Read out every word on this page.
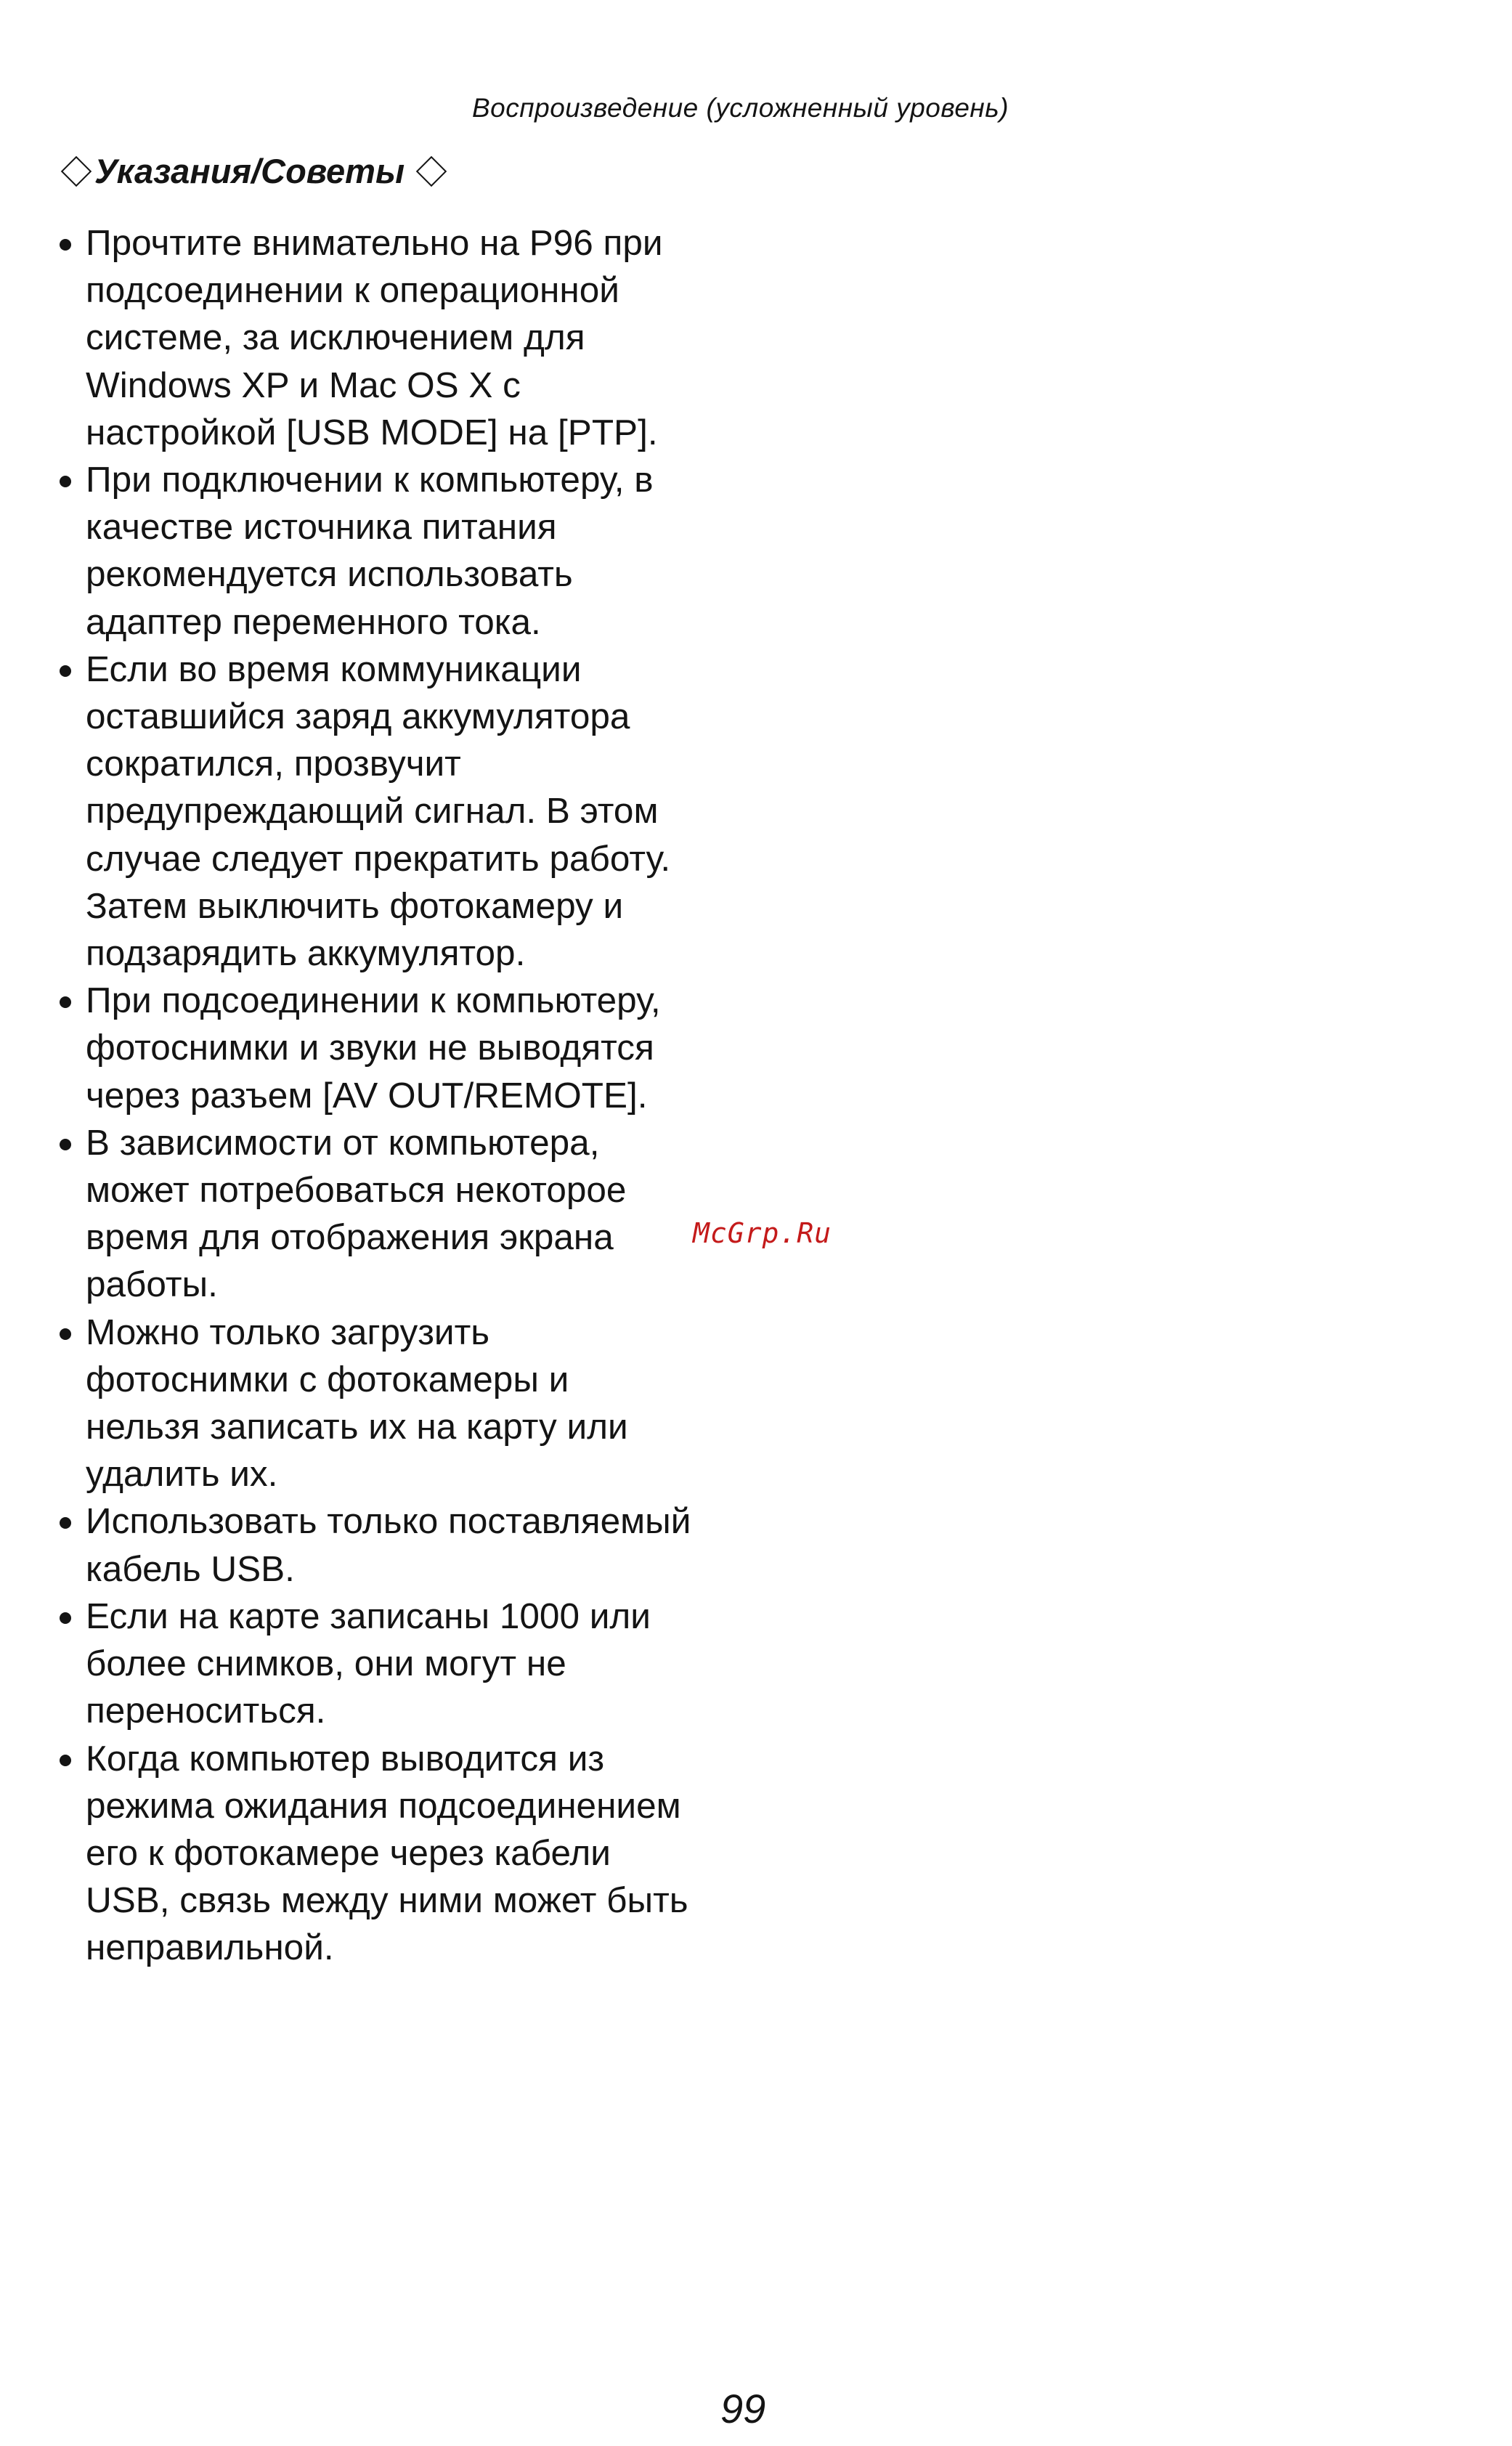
Воспроизведение (усложненный уровень)
Указания/Советы
Прочтите внимательно на P96 при
подсоединении к операционной
системе, за исключением для
Windows XP и Mac OS X с
настройкой [USB MODE] на [PTP].
При подключении к компьютеру, в
качестве источника питания
рекомендуется использовать
адаптер переменного тока.
Если во время коммуникации
оставшийся заряд аккумулятора
сократился, прозвучит
предупреждающий сигнал. В этом
случае следует прекратить работу.
Затем выключить фотокамеру и
подзарядить аккумулятор.
При подсоединении к компьютеру,
фотоснимки и звуки не выводятся
через разъем [AV OUT/REMOTE].
В зависимости от компьютера,
может потребоваться некоторое
время для отображения экрана
работы.
Можно только загрузить
фотоснимки с фотокамеры и
нельзя записать их на карту или
удалить их.
Использовать только поставляемый
кабель USB.
Если на карте записаны 1000 или
более снимков, они могут не
переноситься.
Когда компьютер выводится из
режима ожидания подсоединением
его к фотокамере через кабели
USB, связь между ними может быть
неправильной.
McGrp.Ru
99
